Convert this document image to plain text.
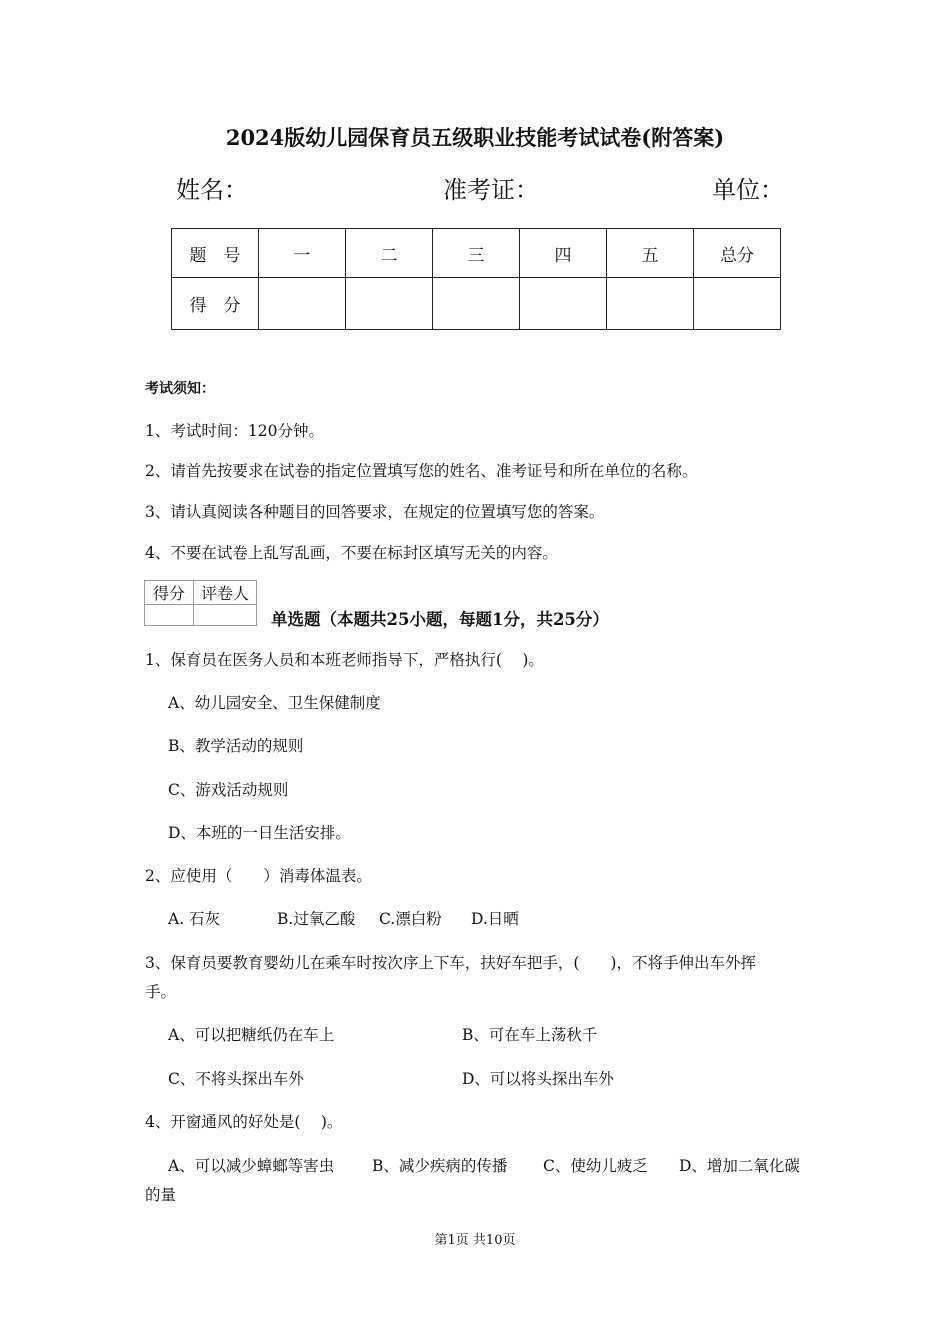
2024版幼儿园保育员五级职业技能考试试卷(附答案)
姓名：	准考证：	单位：
题　号	一	二	三	四	五	总分
得　分						
考试须知：
1、考试时间：120分钟。
2、请首先按要求在试卷的指定位置填写您的姓名、准考证号和所在单位的名称。
3、请认真阅读各种题目的回答要求，在规定的位置填写您的答案。
4、不要在试卷上乱写乱画，不要在标封区填写无关的内容。
得分	评卷人

单选题（本题共25小题，每题1分，共25分）
1、保育员在医务人员和本班老师指导下，严格执行(　 )。
A、幼儿园安全、卫生保健制度
B、教学活动的规则
C、游戏活动规则
D、本班的一日生活安排。
2、应使用（　　）消毒体温表。
A. 石灰	B.过氧乙酸 C.漂白粉 D.日晒
3、保育员要教育婴幼儿在乘车时按次序上下车，扶好车把手，(　　)，不将手伸出车外挥
手。
A、可以把糖纸仍在车上	B、可在车上荡秋千
C、不将头探出车外	D、可以将头探出车外
4、开窗通风的好处是(　 )。
A、可以减少蟑螂等害虫 B、减少疾病的传播 C、使幼儿疲乏 D、增加二氧化碳
的量
第1页 共10页
